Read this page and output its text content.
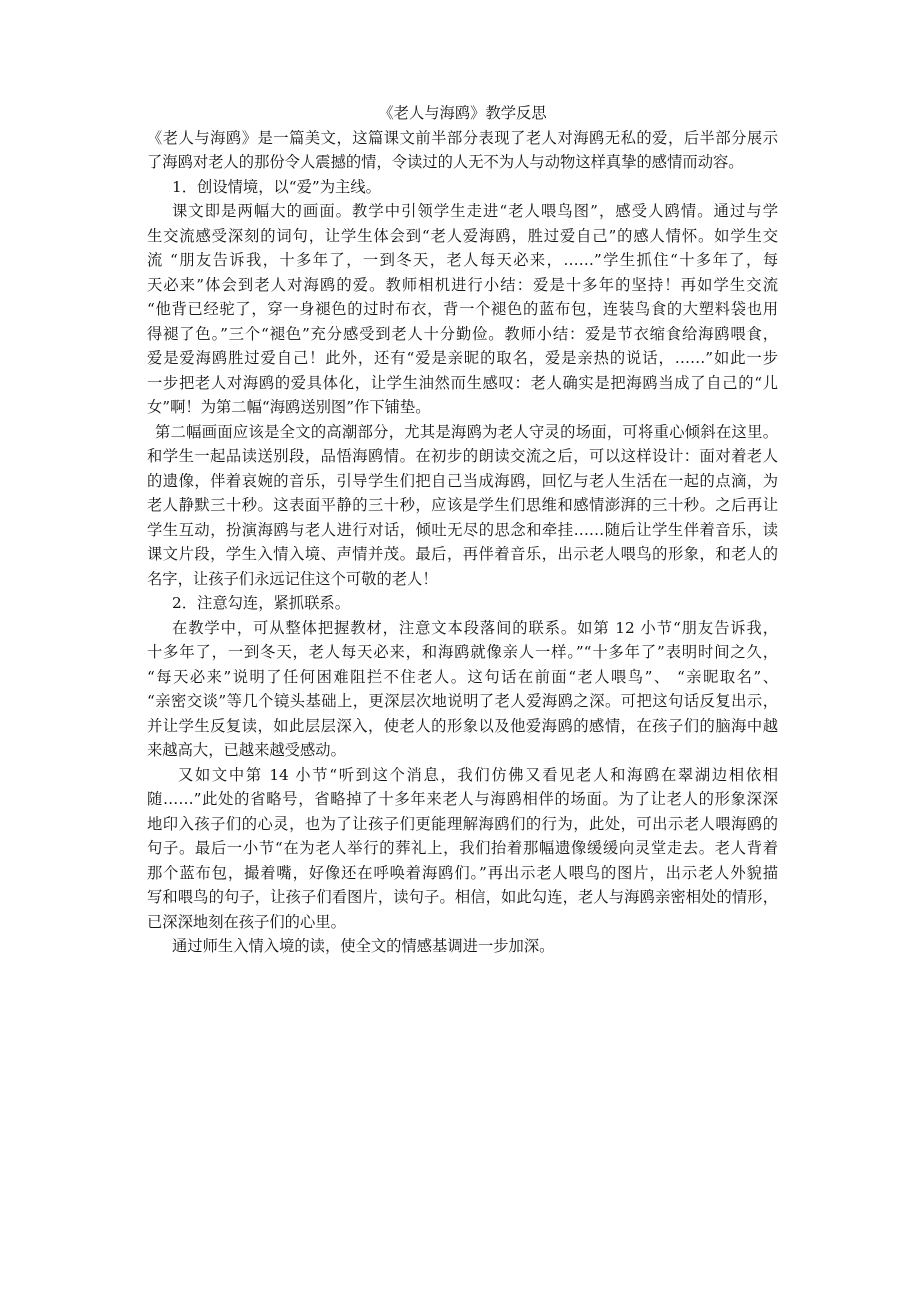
《老人与海鸥》教学反思
《老人与海鸥》是一篇美文，这篇课文前半部分表现了老人对海鸥无私的爱，后半部分展示
了海鸥对老人的那份令人震撼的情，令读过的人无不为人与动物这样真挚的感情而动容。
1．创设情境，以“爱”为主线。
课文即是两幅大的画面。教学中引领学生走进“老人喂鸟图”，感受人鸥情。通过与学
生交流感受深刻的词句，让学生体会到“老人爱海鸥，胜过爱自己”的感人情怀。如学生交
流 “朋友告诉我，十多年了，一到冬天，老人每天必来，……”学生抓住“十多年了，每
天必来”体会到老人对海鸥的爱。教师相机进行小结：爱是十多年的坚持！再如学生交流
“他背已经驼了，穿一身褪色的过时布衣，背一个褪色的蓝布包，连装鸟食的大塑料袋也用
得褪了色。”三个“褪色”充分感受到老人十分勤俭。教师小结：爱是节衣缩食给海鸥喂食，
爱是爱海鸥胜过爱自己！此外，还有“爱是亲昵的取名，爱是亲热的说话，……”如此一步
一步把老人对海鸥的爱具体化，让学生油然而生感叹：老人确实是把海鸥当成了自己的“儿
女”啊！为第二幅“海鸥送别图”作下铺垫。
第二幅画面应该是全文的高潮部分，尤其是海鸥为老人守灵的场面，可将重心倾斜在这里。
和学生一起品读送别段，品悟海鸥情。在初步的朗读交流之后，可以这样设计：面对着老人
的遗像，伴着哀婉的音乐，引导学生们把自己当成海鸥，回忆与老人生活在一起的点滴，为
老人静默三十秒。这表面平静的三十秒，应该是学生们思维和感情澎湃的三十秒。之后再让
学生互动，扮演海鸥与老人进行对话，倾吐无尽的思念和牵挂……随后让学生伴着音乐，读
课文片段，学生入情入境、声情并茂。最后，再伴着音乐，出示老人喂鸟的形象，和老人的
名字，让孩子们永远记住这个可敬的老人！
2．注意勾连，紧抓联系。
在教学中，可从整体把握教材，注意文本段落间的联系。如第 12 小节“朋友告诉我，
十多年了，一到冬天，老人每天必来，和海鸥就像亲人一样。”“十多年了”表明时间之久，
“每天必来”说明了任何困难阻拦不住老人。这句话在前面“老人喂鸟”、 “亲昵取名”、
“亲密交谈”等几个镜头基础上，更深层次地说明了老人爱海鸥之深。可把这句话反复出示，
并让学生反复读，如此层层深入，使老人的形象以及他爱海鸥的感情，在孩子们的脑海中越
来越高大，已越来越受感动。
又如文中第 14 小节“听到这个消息，我们仿佛又看见老人和海鸥在翠湖边相依相
随……”此处的省略号，省略掉了十多年来老人与海鸥相伴的场面。为了让老人的形象深深
地印入孩子们的心灵，也为了让孩子们更能理解海鸥们的行为，此处，可出示老人喂海鸥的
句子。最后一小节“在为老人举行的葬礼上，我们抬着那幅遗像缓缓向灵堂走去。老人背着
那个蓝布包，撮着嘴，好像还在呼唤着海鸥们。”再出示老人喂鸟的图片，出示老人外貌描
写和喂鸟的句子，让孩子们看图片，读句子。相信，如此勾连，老人与海鸥亲密相处的情形，
已深深地刻在孩子们的心里。
通过师生入情入境的读，使全文的情感基调进一步加深。
